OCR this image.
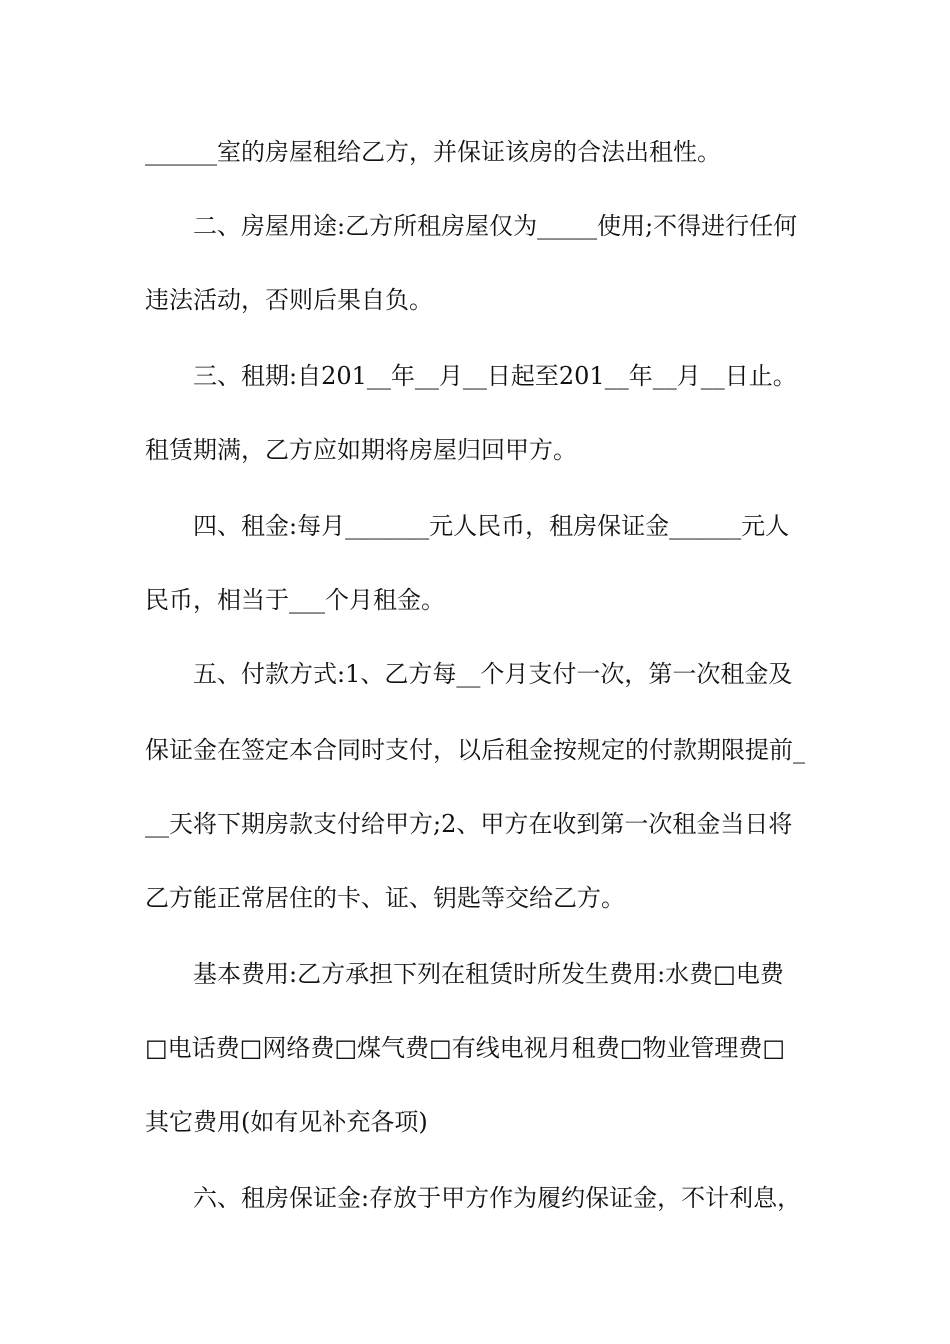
______室的房屋租给乙方，并保证该房的合法出租性。
二、房屋用途:乙方所租房屋仅为_____使用;不得进行任何
违法活动，否则后果自负。
三、租期:自201__年__月__日起至201__年__月__日止。
租赁期满，乙方应如期将房屋归回甲方。
四、租金:每月_______元人民币，租房保证金______元人
民币，相当于___个月租金。
五、付款方式:1、乙方每__个月支付一次，第一次租金及
保证金在签定本合同时支付，以后租金按规定的付款期限提前_
__天将下期房款支付给甲方;2、甲方在收到第一次租金当日将
乙方能正常居住的卡、证、钥匙等交给乙方。
基本费用:乙方承担下列在租赁时所发生费用:水费□电费
□电话费□网络费□煤气费□有线电视月租费□物业管理费□
其它费用(如有见补充各项)
六、租房保证金:存放于甲方作为履约保证金，不计利息，
